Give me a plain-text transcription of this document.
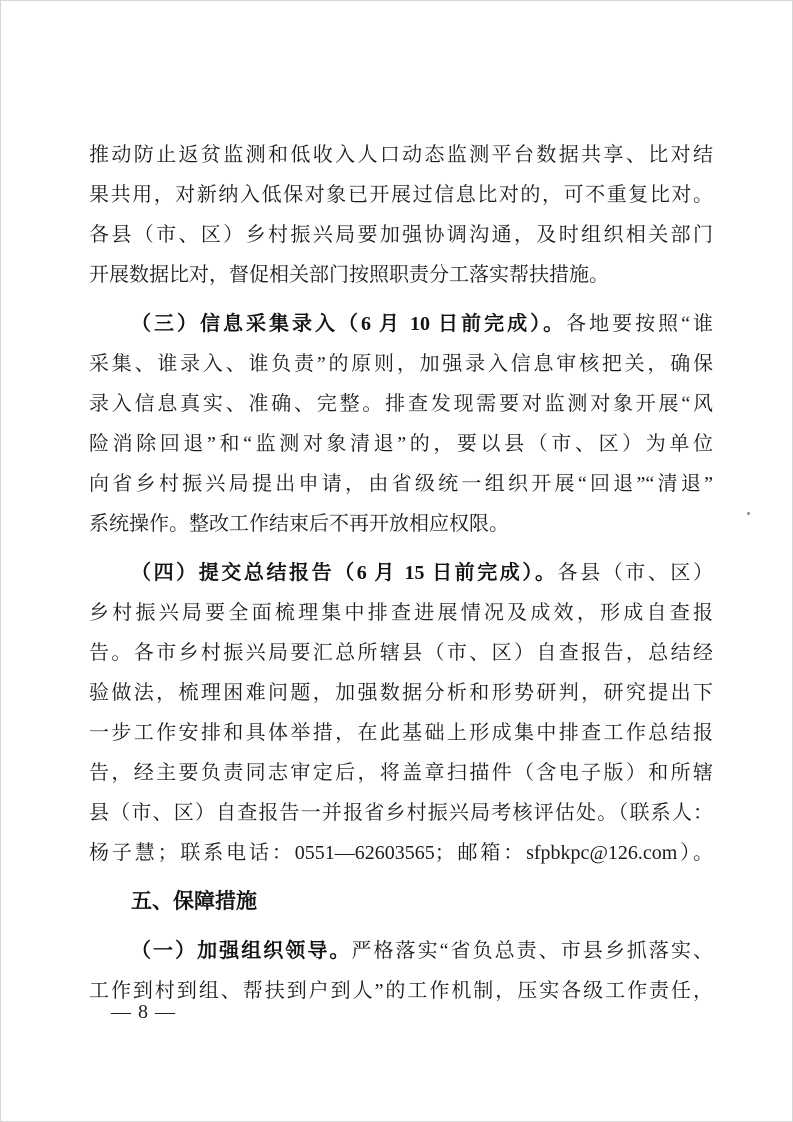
推动防止返贫监测和低收入人口动态监测平台数据共享、比对结
果共用，对新纳入低保对象已开展过信息比对的，可不重复比对。
各县（市、区）乡村振兴局要加强协调沟通，及时组织相关部门
开展数据比对，督促相关部门按照职责分工落实帮扶措施。
（三）信息采集录入（6 月 10 日前完成）。各地要按照“谁
采集、谁录入、谁负责”的原则，加强录入信息审核把关，确保
录入信息真实、准确、完整。排查发现需要对监测对象开展“风
险消除回退”和“监测对象清退”的，要以县（市、区）为单位
向省乡村振兴局提出申请，由省级统一组织开展“回退”“清退”
系统操作。整改工作结束后不再开放相应权限。
（四）提交总结报告（6 月 15 日前完成）。各县（市、区）
乡村振兴局要全面梳理集中排查进展情况及成效，形成自查报
告。各市乡村振兴局要汇总所辖县（市、区）自查报告，总结经
验做法，梳理困难问题，加强数据分析和形势研判，研究提出下
一步工作安排和具体举措，在此基础上形成集中排查工作总结报
告，经主要负责同志审定后，将盖章扫描件（含电子版）和所辖
县（市、区）自查报告一并报省乡村振兴局考核评估处。（联系人：
杨子慧；联系电话：0551—62603565；邮箱：sfpbkpc@126.com）。
五、保障措施
（一）加强组织领导。严格落实“省负总责、市县乡抓落实、
工作到村到组、帮扶到户到人”的工作机制，压实各级工作责任，
— 8 —
